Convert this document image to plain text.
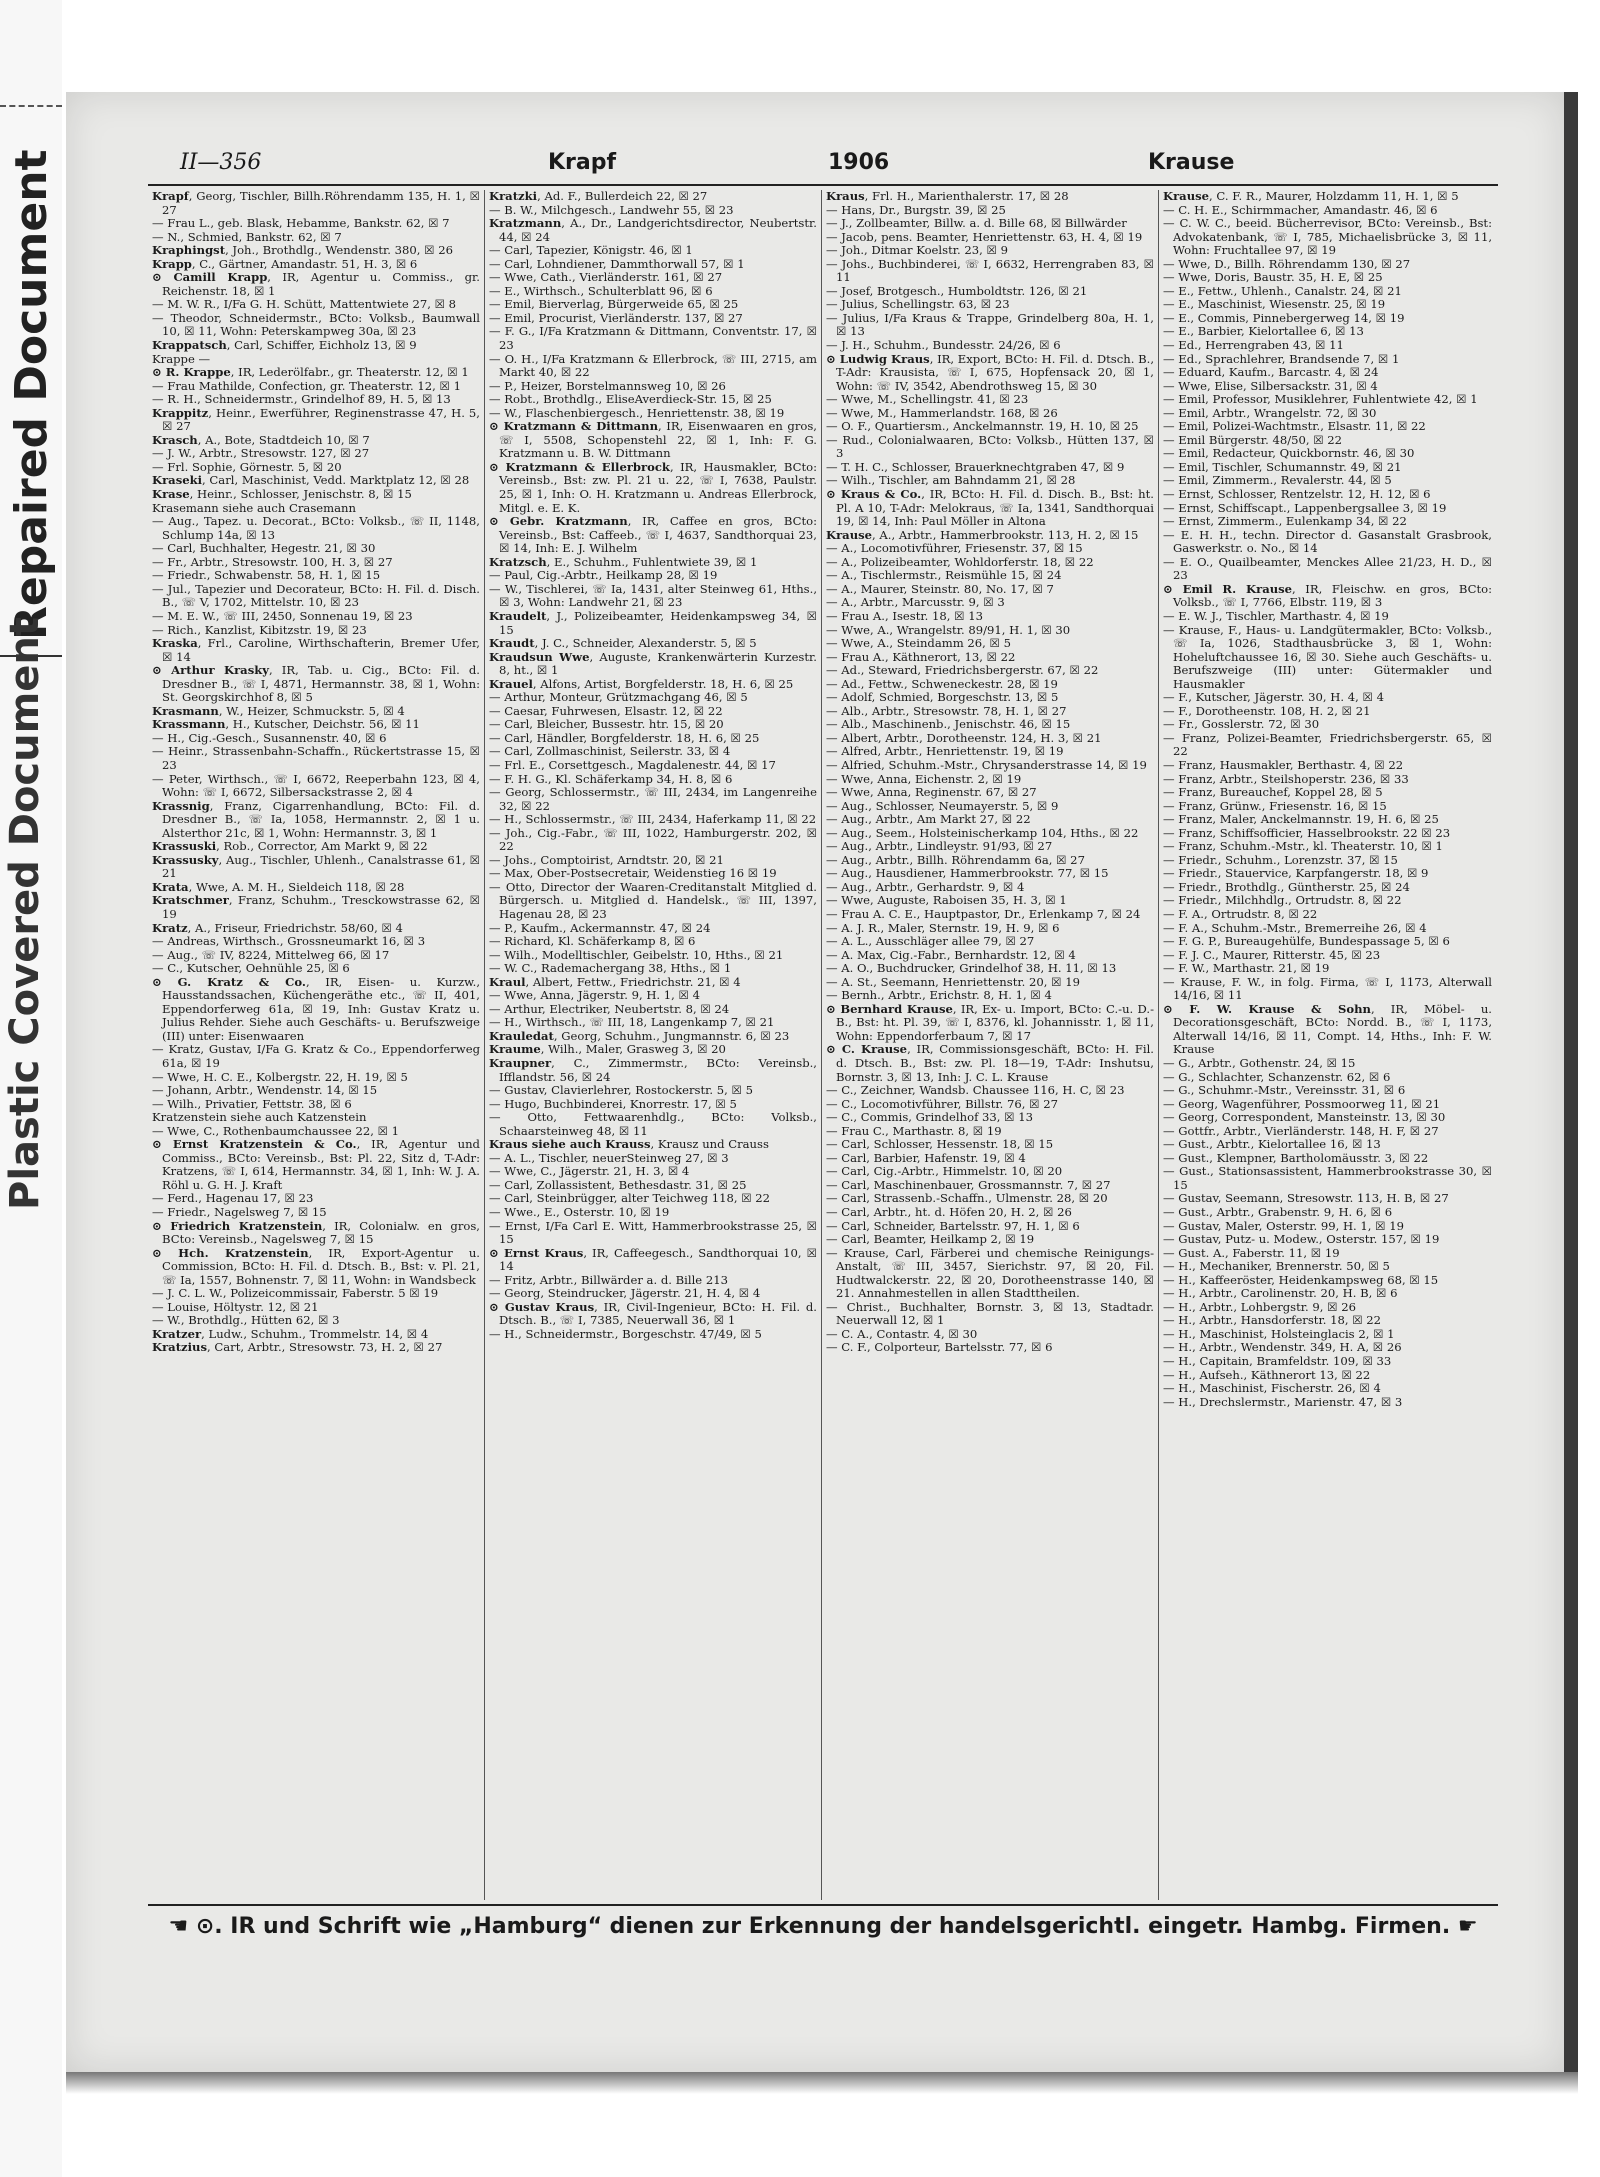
Repaired Document
Plastic Covered Document
II—356	Krapf	1906	Krause
Krapf, Georg, Tischler, Billh.Röhrendamm 135, H. 1, ☒ 27
— Frau L., geb. Blask, Hebamme, Bankstr. 62, ☒ 7
— N., Schmied, Bankstr. 62, ☒ 7
Kraphingst, Joh., Brothdlg., Wendenstr. 380, ☒ 26
Krapp, C., Gärtner, Amandastr. 51, H. 3, ☒ 6
⊙ Camill Krapp, IR, Agentur u. Commiss., gr. Reichenstr. 18, ☒ 1
— M. W. R., I/Fa G. H. Schütt, Mattentwiete 27, ☒ 8
— Theodor, Schneidermstr., BCto: Volksb., Baumwall 10, ☒ 11, Wohn: Peterskampweg 30a, ☒ 23
Krappatsch, Carl, Schiffer, Eichholz 13, ☒ 9
Krappe —
⊙ R. Krappe, IR, Lederölfabr., gr. Theaterstr. 12, ☒ 1
— Frau Mathilde, Confection, gr. Theaterstr. 12, ☒ 1
— R. H., Schneidermstr., Grindelhof 89, H. 5, ☒ 13
Krappitz, Heinr., Ewerführer, Reginenstrasse 47, H. 5, ☒ 27
Krasch, A., Bote, Stadtdeich 10, ☒ 7
— J. W., Arbtr., Stresowstr. 127, ☒ 27
— Frl. Sophie, Görnestr. 5, ☒ 20
Kraseki, Carl, Maschinist, Vedd. Marktplatz 12, ☒ 28
Krase, Heinr., Schlosser, Jenischstr. 8, ☒ 15
Krasemann siehe auch Crasemann
— Aug., Tapez. u. Decorat., BCto: Volksb., ☏ II, 1148, Schlump 14a, ☒ 13
— Carl, Buchhalter, Hegestr. 21, ☒ 30
— Fr., Arbtr., Stresowstr. 100, H. 3, ☒ 27
— Friedr., Schwabenstr. 58, H. 1, ☒ 15
— Jul., Tapezier und Decorateur, BCto: H. Fil. d. Disch. B., ☏ V, 1702, Mittelstr. 10, ☒ 23
— M. E. W., ☏ III, 2450, Sonnenau 19, ☒ 23
— Rich., Kanzlist, Kibitzstr. 19, ☒ 23
Kraska, Frl., Caroline, Wirthschafterin, Bremer Ufer, ☒ 14
⊙ Arthur Krasky, IR, Tab. u. Cig., BCto: Fil. d. Dresdner B., ☏ I, 4871, Hermannstr. 38, ☒ 1, Wohn: St. Georgskirchhof 8, ☒ 5
Krasmann, W., Heizer, Schmuckstr. 5, ☒ 4
Krassmann, H., Kutscher, Deichstr. 56, ☒ 11
— H., Cig.-Gesch., Susannenstr. 40, ☒ 6
— Heinr., Strassenbahn-Schaffn., Rückertstrasse 15, ☒ 23
— Peter, Wirthsch., ☏ I, 6672, Reeperbahn 123, ☒ 4, Wohn: ☏ I, 6672, Silbersackstrasse 2, ☒ 4
Krassnig, Franz, Cigarrenhandlung, BCto: Fil. d. Dresdner B., ☏ Ia, 1058, Hermannstr. 2, ☒ 1 u. Alsterthor 21c, ☒ 1, Wohn: Hermannstr. 3, ☒ 1
Krassuski, Rob., Corrector, Am Markt 9, ☒ 22
Krassusky, Aug., Tischler, Uhlenh., Canalstrasse 61, ☒ 21
Krata, Wwe, A. M. H., Sieldeich 118, ☒ 28
Kratschmer, Franz, Schuhm., Tresckowstrasse 62, ☒ 19
Kratz, A., Friseur, Friedrichstr. 58/60, ☒ 4
— Andreas, Wirthsch., Grossneumarkt 16, ☒ 3
— Aug., ☏ IV, 8224, Mittelweg 66, ☒ 17
— C., Kutscher, Oehnühle 25, ☒ 6
⊙ G. Kratz & Co., IR, Eisen- u. Kurzw., Hausstandssachen, Küchengeräthe etc., ☏ II, 401, Eppendorferweg 61a, ☒ 19, Inh: Gustav Kratz u. Julius Rehder. Siehe auch Geschäfts- u. Berufszweige (III) unter: Eisenwaaren
— Kratz, Gustav, I/Fa G. Kratz & Co., Eppendorferweg 61a, ☒ 19
— Wwe, H. C. E., Kolbergstr. 22, H. 19, ☒ 5
— Johann, Arbtr., Wendenstr. 14, ☒ 15
— Wilh., Privatier, Fettstr. 38, ☒ 6
Kratzenstein siehe auch Katzenstein
— Wwe, C., Rothenbaumchaussee 22, ☒ 1
⊙ Ernst Kratzenstein & Co., IR, Agentur und Commiss., BCto: Vereinsb., Bst: Pl. 22, Sitz d, T-Adr: Kratzens, ☏ I, 614, Hermannstr. 34, ☒ 1, Inh: W. J. A. Röhl u. G. H. J. Kraft
— Ferd., Hagenau 17, ☒ 23
— Friedr., Nagelsweg 7, ☒ 15
⊙ Friedrich Kratzenstein, IR, Colonialw. en gros, BCto: Vereinsb., Nagelsweg 7, ☒ 15
⊙ Hch. Kratzenstein, IR, Export-Agentur u. Commission, BCto: H. Fil. d. Dtsch. B., Bst: v. Pl. 21, ☏ Ia, 1557, Bohnenstr. 7, ☒ 11, Wohn: in Wandsbeck
— J. C. L. W., Polizeicommissair, Faberstr. 5 ☒ 19
— Louise, Höltystr. 12, ☒ 21
— W., Brothdlg., Hütten 62, ☒ 3
Kratzer, Ludw., Schuhm., Trommelstr. 14, ☒ 4
Kratzius, Cart, Arbtr., Stresowstr. 73, H. 2, ☒ 27
Kratzki, Ad. F., Bullerdeich 22, ☒ 27
— B. W., Milchgesch., Landwehr 55, ☒ 23
Kratzmann, A., Dr., Landgerichtsdirector, Neubertstr. 44, ☒ 24
— Carl, Tapezier, Königstr. 46, ☒ 1
— Carl, Lohndiener, Dammthorwall 57, ☒ 1
— Wwe, Cath., Vierländerstr. 161, ☒ 27
— E., Wirthsch., Schulterblatt 96, ☒ 6
— Emil, Bierverlag, Bürgerweide 65, ☒ 25
— Emil, Procurist, Vierländerstr. 137, ☒ 27
— F. G., I/Fa Kratzmann & Dittmann, Conventstr. 17, ☒ 23
— O. H., I/Fa Kratzmann & Ellerbrock, ☏ III, 2715, am Markt 40, ☒ 22
— P., Heizer, Borstelmannsweg 10, ☒ 26
— Robt., Brothdlg., EliseAverdieck-Str. 15, ☒ 25
— W., Flaschenbiergesch., Henriettenstr. 38, ☒ 19
⊙ Kratzmann & Dittmann, IR, Eisenwaaren en gros, ☏ I, 5508, Schopenstehl 22, ☒ 1, Inh: F. G. Kratzmann u. B. W. Dittmann
⊙ Kratzmann & Ellerbrock, IR, Hausmakler, BCto: Vereinsb., Bst: zw. Pl. 21 u. 22, ☏ I, 7638, Paulstr. 25, ☒ 1, Inh: O. H. Kratzmann u. Andreas Ellerbrock, Mitgl. e. E. K.
⊙ Gebr. Kratzmann, IR, Caffee en gros, BCto: Vereinsb., Bst: Caffeeb., ☏ I, 4637, Sandthorquai 23, ☒ 14, Inh: E. J. Wilhelm
Kratzsch, E., Schuhm., Fuhlentwiete 39, ☒ 1
— Paul, Cig.-Arbtr., Heilkamp 28, ☒ 19
— W., Tischlerei, ☏ Ia, 1431, alter Steinweg 61, Hths., ☒ 3, Wohn: Landwehr 21, ☒ 23
Kraudelt, J., Polizeibeamter, Heidenkampsweg 34, ☒ 15
Kraudt, J. C., Schneider, Alexanderstr. 5, ☒ 5
Kraudsun Wwe, Auguste, Krankenwärterin Kurzestr. 8, ht., ☒ 1
Krauel, Alfons, Artist, Borgfelderstr. 18, H. 6, ☒ 25
— Arthur, Monteur, Grützmachgang 46, ☒ 5
— Caesar, Fuhrwesen, Elsastr. 12, ☒ 22
— Carl, Bleicher, Bussestr. htr. 15, ☒ 20
— Carl, Händler, Borgfelderstr. 18, H. 6, ☒ 25
— Carl, Zollmaschinist, Seilerstr. 33, ☒ 4
— Frl. E., Corsettgesch., Magdalenestr. 44, ☒ 17
— F. H. G., Kl. Schäferkamp 34, H. 8, ☒ 6
— Georg, Schlossermstr., ☏ III, 2434, im Langenreihe 32, ☒ 22
— H., Schlossermstr., ☏ III, 2434, Haferkamp 11, ☒ 22
— Joh., Cig.-Fabr., ☏ III, 1022, Hamburgerstr. 202, ☒ 22
— Johs., Comptoirist, Arndtstr. 20, ☒ 21
— Max, Ober-Postsecretair, Weidenstieg 16 ☒ 19
— Otto, Director der Waaren-Creditanstalt Mitglied d. Bürgersch. u. Mitglied d. Handelsk., ☏ III, 1397, Hagenau 28, ☒ 23
— P., Kaufm., Ackermannstr. 47, ☒ 24
— Richard, Kl. Schäferkamp 8, ☒ 6
— Wilh., Modelltischler, Geibelstr. 10, Hths., ☒ 21
— W. C., Rademachergang 38, Hths., ☒ 1
Kraul, Albert, Fettw., Friedrichstr. 21, ☒ 4
— Wwe, Anna, Jägerstr. 9, H. 1, ☒ 4
— Arthur, Electriker, Neubertstr. 8, ☒ 24
— H., Wirthsch., ☏ III, 18, Langenkamp 7, ☒ 21
Krauledat, Georg, Schuhm., Jungmannstr. 6, ☒ 23
Kraume, Wilh., Maler, Grasweg 3, ☒ 20
Kraupner, C., Zimmermstr., BCto: Vereinsb., Ifflandstr. 56, ☒ 24
— Gustav, Clavierlehrer, Rostockerstr. 5, ☒ 5
— Hugo, Buchbinderei, Knorrestr. 17, ☒ 5
— Otto, Fettwaarenhdlg., BCto: Volksb., Schaarsteinweg 48, ☒ 11
Kraus siehe auch Krauss, Krausz und Crauss
— A. L., Tischler, neuerSteinweg 27, ☒ 3
— Wwe, C., Jägerstr. 21, H. 3, ☒ 4
— Carl, Zollassistent, Bethesdastr. 31, ☒ 25
— Carl, Steinbrügger, alter Teichweg 118, ☒ 22
— Wwe., E., Osterstr. 10, ☒ 19
— Ernst, I/Fa Carl E. Witt, Hammerbrookstrasse 25, ☒ 15
⊙ Ernst Kraus, IR, Caffeegesch., Sandthorquai 10, ☒ 14
— Fritz, Arbtr., Billwärder a. d. Bille 213
— Georg, Steindrucker, Jägerstr. 21, H. 4, ☒ 4
⊙ Gustav Kraus, IR, Civil-Ingenieur, BCto: H. Fil. d. Dtsch. B., ☏ I, 7385, Neuerwall 36, ☒ 1
— H., Schneidermstr., Borgeschstr. 47/49, ☒ 5
Kraus, Frl. H., Marienthalerstr. 17, ☒ 28
— Hans, Dr., Burgstr. 39, ☒ 25
— J., Zollbeamter, Billw. a. d. Bille 68, ☒ Billwärder
— Jacob, pens. Beamter, Henriettenstr. 63, H. 4, ☒ 19
— Joh., Ditmar Koelstr. 23, ☒ 9
— Johs., Buchbinderei, ☏ I, 6632, Herrengraben 83, ☒ 11
— Josef, Brotgesch., Humboldtstr. 126, ☒ 21
— Julius, Schellingstr. 63, ☒ 23
— Julius, I/Fa Kraus & Trappe, Grindelberg 80a, H. 1, ☒ 13
— J. H., Schuhm., Bundesstr. 24/26, ☒ 6
⊙ Ludwig Kraus, IR, Export, BCto: H. Fil. d. Dtsch. B., T-Adr: Krausista, ☏ I, 675, Hopfensack 20, ☒ 1, Wohn: ☏ IV, 3542, Abendrothsweg 15, ☒ 30
— Wwe, M., Schellingstr. 41, ☒ 23
— Wwe, M., Hammerlandstr. 168, ☒ 26
— O. F., Quartiersm., Anckelmannstr. 19, H. 10, ☒ 25
— Rud., Colonialwaaren, BCto: Volksb., Hütten 137, ☒ 3
— T. H. C., Schlosser, Brauerknechtgraben 47, ☒ 9
— Wilh., Tischler, am Bahndamm 21, ☒ 28
⊙ Kraus & Co., IR, BCto: H. Fil. d. Disch. B., Bst: ht. Pl. A 10, T-Adr: Melokraus, ☏ Ia, 1341, Sandthorquai 19, ☒ 14, Inh: Paul Möller in Altona
Krause, A., Arbtr., Hammerbrookstr. 113, H. 2, ☒ 15
— A., Locomotivführer, Friesenstr. 37, ☒ 15
— A., Polizeibeamter, Wohldorferstr. 18, ☒ 22
— A., Tischlermstr., Reismühle 15, ☒ 24
— A., Maurer, Steinstr. 80, No. 17, ☒ 7
— A., Arbtr., Marcusstr. 9, ☒ 3
— Frau A., Isestr. 18, ☒ 13
— Wwe, A., Wrangelstr. 89/91, H. 1, ☒ 30
— Wwe, A., Steindamm 26, ☒ 5
— Frau A., Käthnerort, 13, ☒ 22
— Ad., Steward, Friedrichsbergerstr. 67, ☒ 22
— Ad., Fettw., Schweneckestr. 28, ☒ 19
— Adolf, Schmied, Borgeschstr. 13, ☒ 5
— Alb., Arbtr., Stresowstr. 78, H. 1, ☒ 27
— Alb., Maschinenb., Jenischstr. 46, ☒ 15
— Albert, Arbtr., Dorotheenstr. 124, H. 3, ☒ 21
— Alfred, Arbtr., Henriettenstr. 19, ☒ 19
— Alfried, Schuhm.-Mstr., Chrysanderstrasse 14, ☒ 19
— Wwe, Anna, Eichenstr. 2, ☒ 19
— Wwe, Anna, Reginenstr. 67, ☒ 27
— Aug., Schlosser, Neumayerstr. 5, ☒ 9
— Aug., Arbtr., Am Markt 27, ☒ 22
— Aug., Seem., Holsteinischerkamp 104, Hths., ☒ 22
— Aug., Arbtr., Lindleystr. 91/93, ☒ 27
— Aug., Arbtr., Billh. Röhrendamm 6a, ☒ 27
— Aug., Hausdiener, Hammerbrookstr. 77, ☒ 15
— Aug., Arbtr., Gerhardstr. 9, ☒ 4
— Wwe, Auguste, Raboisen 35, H. 3, ☒ 1
— Frau A. C. E., Hauptpastor, Dr., Erlenkamp 7, ☒ 24
— A. J. R., Maler, Sternstr. 19, H. 9, ☒ 6
— A. L., Ausschläger allee 79, ☒ 27
— A. Max, Cig.-Fabr., Bernhardstr. 12, ☒ 4
— A. O., Buchdrucker, Grindelhof 38, H. 11, ☒ 13
— A. St., Seemann, Henriettenstr. 20, ☒ 19
— Bernh., Arbtr., Erichstr. 8, H. 1, ☒ 4
⊙ Bernhard Krause, IR, Ex- u. Import, BCto: C.-u. D.-B., Bst: ht. Pl. 39, ☏ I, 8376, kl. Johannisstr. 1, ☒ 11, Wohn: Eppendorferbaum 7, ☒ 17
⊙ C. Krause, IR, Commissionsgeschäft, BCto: H. Fil. d. Dtsch. B., Bst: zw. Pl. 18—19, T-Adr: Inshutsu, Bornstr. 3, ☒ 13, Inh: J. C. L. Krause
— C., Zeichner, Wandsb. Chaussee 116, H. C, ☒ 23
— C., Locomotivführer, Billstr. 76, ☒ 27
— C., Commis, Grindelhof 33, ☒ 13
— Frau C., Marthastr. 8, ☒ 19
— Carl, Schlosser, Hessenstr. 18, ☒ 15
— Carl, Barbier, Hafenstr. 19, ☒ 4
— Carl, Cig.-Arbtr., Himmelstr. 10, ☒ 20
— Carl, Maschinenbauer, Grossmannstr. 7, ☒ 27
— Carl, Strassenb.-Schaffn., Ulmenstr. 28, ☒ 20
— Carl, Arbtr., ht. d. Höfen 20, H. 2, ☒ 26
— Carl, Schneider, Bartelsstr. 97, H. 1, ☒ 6
— Carl, Beamter, Heilkamp 2, ☒ 19
— Krause, Carl, Färberei und chemische Reinigungs-Anstalt, ☏ III, 3457, Sierichstr. 97, ☒ 20, Fil. Hudtwalckerstr. 22, ☒ 20, Dorotheenstrasse 140, ☒ 21. Annahmestellen in allen Stadttheilen.
— Christ., Buchhalter, Bornstr. 3, ☒ 13, Stadtadr. Neuerwall 12, ☒ 1
— C. A., Contastr. 4, ☒ 30
— C. F., Colporteur, Bartelsstr. 77, ☒ 6
Krause, C. F. R., Maurer, Holzdamm 11, H. 1, ☒ 5
— C. H. E., Schirmmacher, Amandastr. 46, ☒ 6
— C. W. C., beeid. Bücherrevisor, BCto: Vereinsb., Bst: Advokatenbank, ☏ I, 785, Michaelisbrücke 3, ☒ 11, Wohn: Fruchtallee 97, ☒ 19
— Wwe, D., Billh. Röhrendamm 130, ☒ 27
— Wwe, Doris, Baustr. 35, H. E, ☒ 25
— E., Fettw., Uhlenh., Canalstr. 24, ☒ 21
— E., Maschinist, Wiesenstr. 25, ☒ 19
— E., Commis, Pinnebergerweg 14, ☒ 19
— E., Barbier, Kielortallee 6, ☒ 13
— Ed., Herrengraben 43, ☒ 11
— Ed., Sprachlehrer, Brandsende 7, ☒ 1
— Eduard, Kaufm., Barcastr. 4, ☒ 24
— Wwe, Elise, Silbersackstr. 31, ☒ 4
— Emil, Professor, Musiklehrer, Fuhlentwiete 42, ☒ 1
— Emil, Arbtr., Wrangelstr. 72, ☒ 30
— Emil, Polizei-Wachtmstr., Elsastr. 11, ☒ 22
— Emil Bürgerstr. 48/50, ☒ 22
— Emil, Redacteur, Quickbornstr. 46, ☒ 30
— Emil, Tischler, Schumannstr. 49, ☒ 21
— Emil, Zimmerm., Revalerstr. 44, ☒ 5
— Ernst, Schlosser, Rentzelstr. 12, H. 12, ☒ 6
— Ernst, Schiffscapt., Lappenbergsallee 3, ☒ 19
— Ernst, Zimmerm., Eulenkamp 34, ☒ 22
— E. H. H., techn. Director d. Gasanstalt Grasbrook, Gaswerkstr. o. No., ☒ 14
— E. O., Quailbeamter, Menckes Allee 21/23, H. D., ☒ 23
⊙ Emil R. Krause, IR, Fleischw. en gros, BCto: Volksb., ☏ I, 7766, Elbstr. 119, ☒ 3
— E. W. J., Tischler, Marthastr. 4, ☒ 19
— Krause, F., Haus- u. Landgütermakler, BCto: Volksb., ☏ Ia, 1026, Stadthausbrücke 3, ☒ 1, Wohn: Hoheluftchaussee 16, ☒ 30. Siehe auch Geschäfts- u. Berufszweige (III) unter: Gütermakler und Hausmakler
— F., Kutscher, Jägerstr. 30, H. 4, ☒ 4
— F., Dorotheenstr. 108, H. 2, ☒ 21
— Fr., Gosslerstr. 72, ☒ 30
— Franz, Polizei-Beamter, Friedrichsbergerstr. 65, ☒ 22
— Franz, Hausmakler, Berthastr. 4, ☒ 22
— Franz, Arbtr., Steilshoperstr. 236, ☒ 33
— Franz, Bureauchef, Koppel 28, ☒ 5
— Franz, Grünw., Friesenstr. 16, ☒ 15
— Franz, Maler, Anckelmannstr. 19, H. 6, ☒ 25
— Franz, Schiffsofficier, Hasselbrookstr. 22 ☒ 23
— Franz, Schuhm.-Mstr., kl. Theaterstr. 10, ☒ 1
— Friedr., Schuhm., Lorenzstr. 37, ☒ 15
— Friedr., Stauervice, Karpfangerstr. 18, ☒ 9
— Friedr., Brothdlg., Güntherstr. 25, ☒ 24
— Friedr., Milchhdlg., Ortrudstr. 8, ☒ 22
— F. A., Ortrudstr. 8, ☒ 22
— F. A., Schuhm.-Mstr., Bremerreihe 26, ☒ 4
— F. G. P., Bureaugehülfe, Bundespassage 5, ☒ 6
— F. J. C., Maurer, Ritterstr. 45, ☒ 23
— F. W., Marthastr. 21, ☒ 19
— Krause, F. W., in folg. Firma, ☏ I, 1173, Alterwall 14/16, ☒ 11
⊙ F. W. Krause & Sohn, IR, Möbel- u. Decorationsgeschäft, BCto: Nordd. B., ☏ I, 1173, Alterwall 14/16, ☒ 11, Compt. 14, Hths., Inh: F. W. Krause
— G., Arbtr., Gothenstr. 24, ☒ 15
— G., Schlachter, Schanzenstr. 62, ☒ 6
— G., Schuhmr.-Mstr., Vereinsstr. 31, ☒ 6
— Georg, Wagenführer, Possmoorweg 11, ☒ 21
— Georg, Correspondent, Mansteinstr. 13, ☒ 30
— Gottfr., Arbtr., Vierländerstr. 148, H. F, ☒ 27
— Gust., Arbtr., Kielortallee 16, ☒ 13
— Gust., Klempner, Bartholomäusstr. 3, ☒ 22
— Gust., Stationsassistent, Hammerbrookstrasse 30, ☒ 15
— Gustav, Seemann, Stresowstr. 113, H. B, ☒ 27
— Gust., Arbtr., Grabenstr. 9, H. 6, ☒ 6
— Gustav, Maler, Osterstr. 99, H. 1, ☒ 19
— Gustav, Putz- u. Modew., Osterstr. 157, ☒ 19
— Gust. A., Faberstr. 11, ☒ 19
— H., Mechaniker, Brennerstr. 50, ☒ 5
— H., Kaffeeröster, Heidenkampsweg 68, ☒ 15
— H., Arbtr., Carolinenstr. 20, H. B, ☒ 6
— H., Arbtr., Lohbergstr. 9, ☒ 26
— H., Arbtr., Hansdorferstr. 18, ☒ 22
— H., Maschinist, Holsteinglacis 2, ☒ 1
— H., Arbtr., Wendenstr. 349, H. A, ☒ 26
— H., Capitain, Bramfeldstr. 109, ☒ 33
— H., Aufseh., Käthnerort 13, ☒ 22
— H., Maschinist, Fischerstr. 26, ☒ 4
— H., Drechslermstr., Marienstr. 47, ☒ 3
☚ ⊙. IR und Schrift wie „Hamburg“ dienen zur Erkennung der handelsgerichtl. eingetr. Hambg. Firmen. ☛
